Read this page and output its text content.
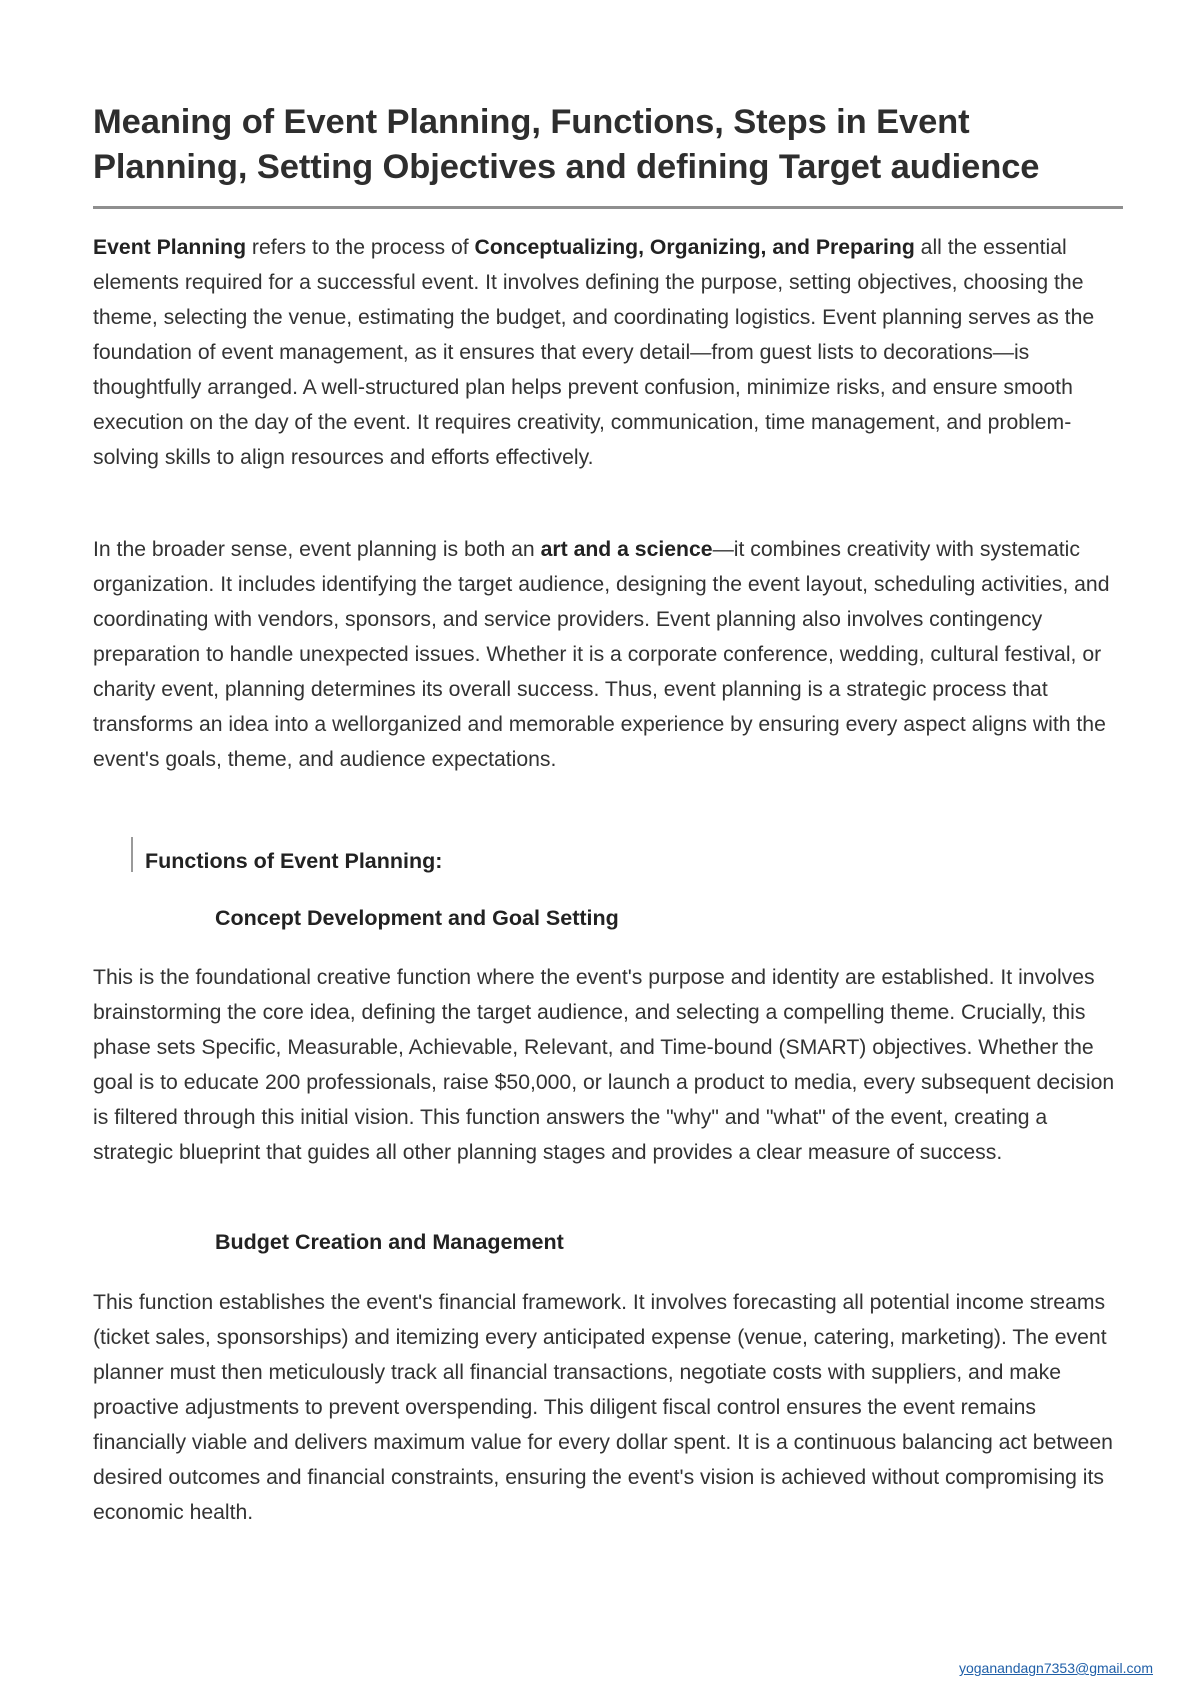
Meaning of Event Planning, Functions, Steps in Event Planning, Setting Objectives and defining Target audience

Event Planning refers to the process of Conceptualizing, Organizing, and Preparing all the essential elements required for a successful event. It involves defining the purpose, setting objectives, choosing the theme, selecting the venue, estimating the budget, and coordinating logistics. Event planning serves as the foundation of event management, as it ensures that every detail—from guest lists to decorations—is thoughtfully arranged. A well-structured plan helps prevent confusion, minimize risks, and ensure smooth execution on the day of the event. It requires creativity, communication, time management, and problem-solving skills to align resources and efforts effectively.

In the broader sense, event planning is both an art and a science—it combines creativity with systematic organization. It includes identifying the target audience, designing the event layout, scheduling activities, and coordinating with vendors, sponsors, and service providers. Event planning also involves contingency preparation to handle unexpected issues. Whether it is a corporate conference, wedding, cultural festival, or charity event, planning determines its overall success. Thus, event planning is a strategic process that transforms an idea into a wellorganized and memorable experience by ensuring every aspect aligns with the event's goals, theme, and audience expectations.

Functions of Event Planning:
Concept Development and Goal Setting

This is the foundational creative function where the event's purpose and identity are established. It involves brainstorming the core idea, defining the target audience, and selecting a compelling theme. Crucially, this phase sets Specific, Measurable, Achievable, Relevant, and Time-bound (SMART) objectives. Whether the goal is to educate 200 professionals, raise $50,000, or launch a product to media, every subsequent decision is filtered through this initial vision. This function answers the "why" and "what" of the event, creating a strategic blueprint that guides all other planning stages and provides a clear measure of success.

Budget Creation and Management

This function establishes the event's financial framework. It involves forecasting all potential income streams (ticket sales, sponsorships) and itemizing every anticipated expense (venue, catering, marketing). The event planner must then meticulously track all financial transactions, negotiate costs with suppliers, and make proactive adjustments to prevent overspending. This diligent fiscal control ensures the event remains financially viable and delivers maximum value for every dollar spent. It is a continuous balancing act between desired outcomes and financial constraints, ensuring the event's vision is achieved without compromising its economic health.

yoganandagn7353@gmail.com
